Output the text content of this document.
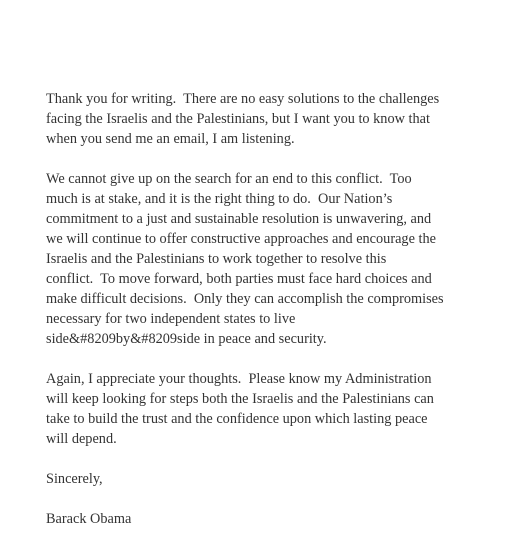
Thank you for writing.  There are no easy solutions to the challenges
facing the Israelis and the Palestinians, but I want you to know that
when you send me an email, I am listening.

We cannot give up on the search for an end to this conflict.  Too
much is at stake, and it is the right thing to do.  Our Nation’s
commitment to a just and sustainable resolution is unwavering, and
we will continue to offer constructive approaches and encourage the
Israelis and the Palestinians to work together to resolve this
conflict.  To move forward, both parties must face hard choices and
make difficult decisions.  Only they can accomplish the compromises
necessary for two independent states to live
side&#8209by&#8209side in peace and security.

Again, I appreciate your thoughts.  Please know my Administration
will keep looking for steps both the Israelis and the Palestinians can
take to build the trust and the confidence upon which lasting peace
will depend.

Sincerely,

Barack Obama
